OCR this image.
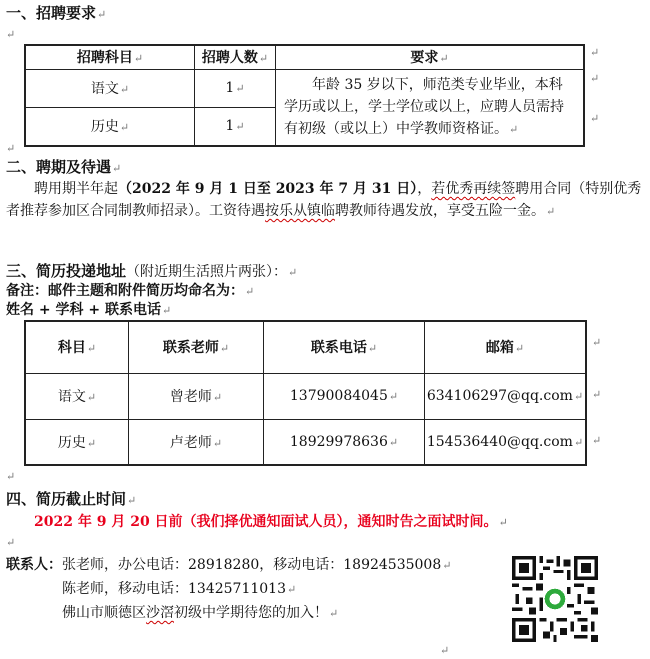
一、招聘要求↵
↵
招聘科目↵	招聘人数↵	要求↵
语文↵	1↵	年龄 35 岁以下，师范类专业毕业，本科学历或以上，学士学位或以上，应聘人员需持有初级（或以上）中学教师资格证。↵
历史↵	1↵	
↵
↵
↵
↵
二、聘期及待遇↵
聘用期半年起（2022 年 9 月 1 日至 2023 年 7 月 31 日），若优秀再续签聘用合同（特别优秀者推荐参加区合同制教师招录）。工资待遇按乐从镇临聘教师待遇发放，享受五险一金。↵
三、简历投递地址（附近期生活照片两张）：↵
备注：邮件主题和附件简历均命名为：↵
姓名 + 学科 + 联系电话↵
科目↵	联系老师↵	联系电话↵	邮箱↵
语文↵	曾老师↵	13790084045↵	634106297@qq.com↵
历史↵	卢老师↵	18929978636↵	154536440@qq.com↵
↵
↵
↵
↵
四、简历截止时间↵
2022 年 9 月 20 日前（我们择优通知面试人员），通知时告之面试时间。↵
↵
联系人：张老师，办公电话：28918280，移动电话：18924535008↵
陈老师，移动电话：13425711013↵
佛山市顺德区沙滘初级中学期待您的加入！↵
↵
